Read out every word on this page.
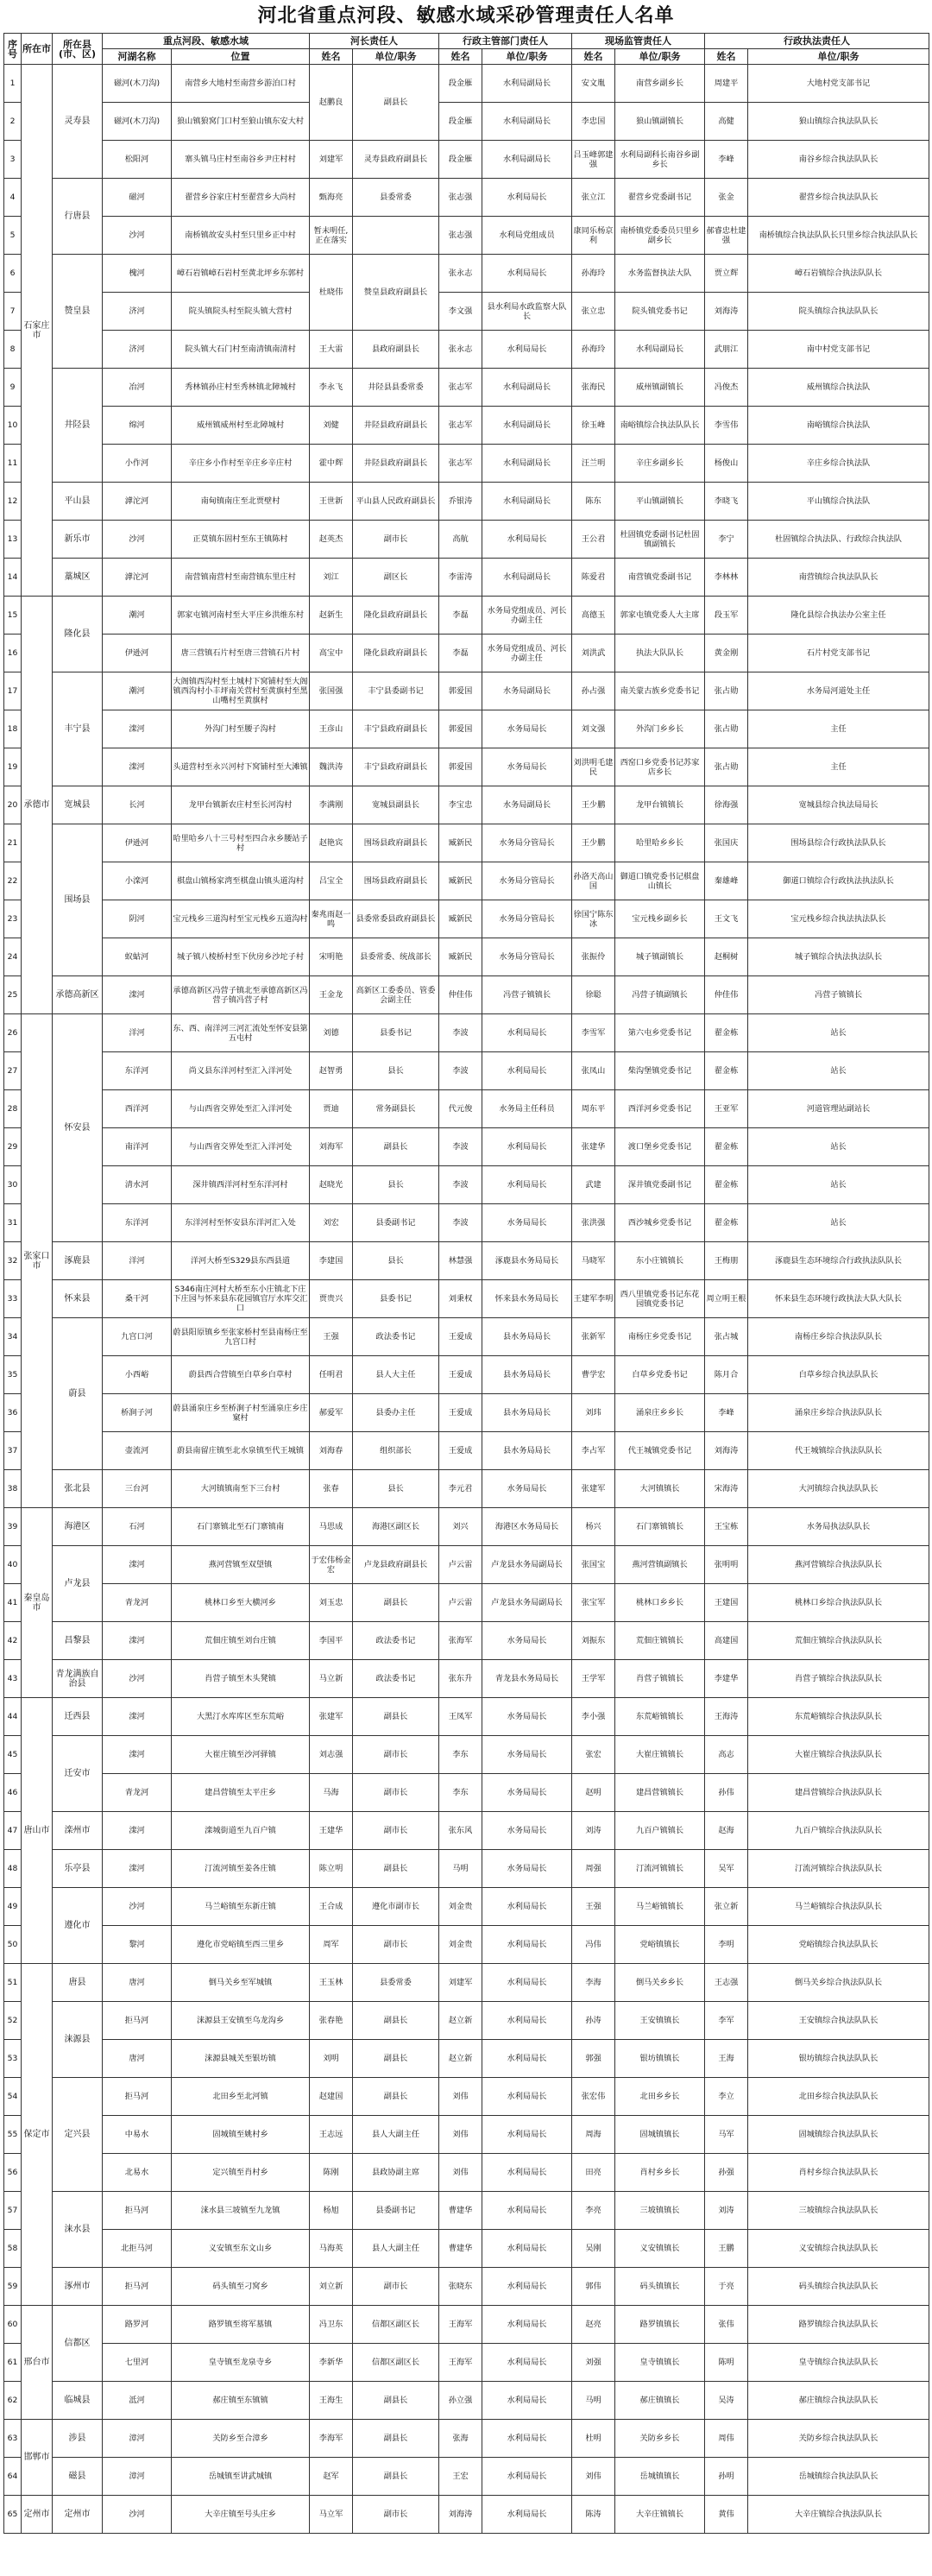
河北省重点河段、敏感水域采砂管理责任人名单
序号	所在市	所在县(市、区)	重点河段、敏感水域		河长责任人		行政主管部门责任人		现场监管责任人		行政执法责任人	
			河湖名称	位置	姓名	单位/职务	姓名	单位/职务	姓名	单位/职务	姓名	单位/职务
1	石家庄市	灵寿县	磁河(木刀沟)	南营乡大地村至南营乡游泊口村	赵鹏良	副县长	段金雁	水利局副局长	安文胤	南营乡副乡长	周建平	大地村党支部书记
2			磁河(木刀沟)	狼山镇狼窝门口村至狼山镇东安大村			段金雁	水利局副局长	李忠国	狼山镇副镇长	高健	狼山镇综合执法队队长
3			松阳河	寨头镇马庄村至南谷乡尹庄村村	刘建军	灵寿县政府副县长	段金雁	水利局副局长	吕玉峰郭建强	水利局副科长南谷乡副乡长	李峰	南谷乡综合执法队队长
4		行唐县	磁河	翟营乡谷家庄村至翟营乡大尚村	甄海亮	县委常委	张志强	水利局局长	张立江	翟营乡党委副书记	张金	翟营乡综合执法队队长
5			沙河	南桥镇故安头村至只里乡正中村	暂未明任,正在落实		张志强	水利局党组成员	康同乐杨京利	南桥镇党委委员只里乡副乡长	郝睿忠杜建强	南桥镇综合执法队队长只里乡综合执法队队长
6		赞皇县	槐河	嶂石岩镇嶂石岩村至黄北坪乡东郭村	杜晓伟	赞皇县政府副县长	张永志	水利局局长	孙海玲	水务监督执法大队	贾立辉	嶂石岩镇综合执法队队长
7			济河	院头镇院头村至院头镇大营村			李文强	县水利局水政监察大队长	张立忠	院头镇党委书记	刘海涛	院头镇综合执法队队长
8			济河	院头镇大石门村至南清镇南清村	王大雷	县政府副县长	张永志	水利局局长	孙海玲	水利局副局长	武朋江	南中村党支部书记
9		井陉县	冶河	秀林镇孙庄村至秀林镇北障城村	李永飞	井陉县县委常委	张志军	水利局副局长	张海民	威州镇副镇长	冯俊杰	威州镇综合执法队
10			绵河	威州镇威州村至北障城村	刘健	井陉县政府副县长	张志军	水利局副局长	徐玉峰	南峪镇综合执法队队长	李雪伟	南峪镇综合执法队
11			小作河	辛庄乡小作村至辛庄乡辛庄村	霍中辉	井陉县政府副县长	张志军	水利局副局长	汪兰明	辛庄乡副乡长	杨俊山	辛庄乡综合执法队
12		平山县	滹沱河	南甸镇南庄至北贾壁村	王世新	平山县人民政府副县长	乔银涛	水利局副局长	陈东	平山镇副镇长	李晓飞	平山镇综合执法队
13		新乐市	沙河	正莫镇东固村至东王镇陈村	赵英杰	副市长	高航	水利局局长	王公君	杜固镇党委副书记杜固镇副镇长	李宁	杜固镇综合执法队、行政综合执法队
14		藁城区	滹沱河	南营镇南营村至南营镇东里庄村	刘江	副区长	李雷涛	水利局副局长	陈爱君	南营镇党委副书记	李林林	南营镇综合执法队队长
15	承德市	隆化县	潮河	郭家屯镇河南村至大平庄乡洪维东村	赵新生	隆化县政府副县长	李磊	水务局党组成员、河长办副主任	高德玉	郭家屯镇党委人大主席	段玉军	隆化县综合执法办公室主任
16			伊逊河	唐三营镇石片村至唐三营镇石片村	高宝中	隆化县政府副县长	李磊	水务局党组成员、河长办副主任	刘洪武	执法大队队长	黄金刚	石片村党支部书记
17		丰宁县	潮河	大阁镇西沟村至土城村下窝铺村至大阁镇西沟村小丰坪南关营村至黄旗村至黑山嘴村至黄旗村	张国强	丰宁县委副书记	郭爱国	水务局副局长	孙占强	南关蒙古族乡党委书记	张占勋	水务局河道处主任
18			滦河	外沟门村至腰子沟村	王彦山	丰宁县政府副县长	郭爱国	水务局局长	刘文强	外沟门乡乡长	张占勋	主任
19			滦河	头道营村至永兴河村下窝铺村至大滩镇	魏洪涛	丰宁县政府副县长	郭爱国	水务局局长	刘洪明毛建民	西窑口乡党委书记苏家店乡长	张占勋	主任
20		宽城县	长河	龙甲台镇新农庄村至长河沟村	李满刚	宽城县副县长	李宝忠	水务局副局长	王少鹏	龙甲台镇镇长	徐海强	宽城县综合执法局局长
21		围场县	伊逊河	哈里哈乡八十三号村至四合永乡腰站子村	赵艳宾	围场县政府副县长	臧新民	水务局分管局长	王少鹏	哈里哈乡乡长	张国庆	围场县综合行政执法队队长
22			小滦河	棋盘山镇杨家湾至棋盘山镇头道沟村	吕宝全	围场县政府副县长	臧新民	水务局分管局长	孙洛天高山国	御道口镇党委书记棋盘山镇长	秦雄峰	御道口镇综合行政执法执法队长
23			阴河	宝元栈乡三道沟村至宝元栈乡五道沟村	秦兆雨赵一鸣	县委常委县政府副县长	臧新民	水务局分管局长	徐国宁陈东冰	宝元栈乡副乡长	王文飞	宝元栈乡综合执法执法队长
24			蚁蛄河	城子镇八棱桥村至下伙房乡沙坨子村	宋明艳	县委常委、统战部长	臧新民	水务局分管局长	张振伶	城子镇副镇长	赵桐树	城子镇综合执法执法队长
25		承德高新区	滦河	承德高新区冯营子镇北至承德高新区冯营子镇冯营子村	王金龙	高新区工委委员、管委会副主任	仲佳伟	冯营子镇镇长	徐聪	冯营子镇副镇长	仲佳伟	冯营子镇镇长
26	张家口市	怀安县	洋河	东、西、南洋河三河汇流处至怀安县第五屯村	刘德	县委书记	李波	水利局局长	李雪军	第六屯乡党委书记	翟金栋	站长
27			东洋河	尚义县东洋河村至汇入洋河处	赵智勇	县长	李波	水利局局长	张凤山	柴沟堡镇党委书记	翟金栋	站长
28			西洋河	与山西省交界处至汇入洋河处	贾迪	常务副县长	代元俊	水务局主任科员	周东平	西洋河乡党委书记	王亚军	河道管理站副站长
29			南洋河	与山西省交界处至汇入洋河处	刘海军	副县长	李波	水利局局长	张建华	渡口堡乡党委书记	翟金栋	站长
30			清水河	深井镇西洋河村至东洋河村	赵晓光	县长	李波	水利局局长	武建	深井镇党委副书记	翟金栋	站长
31			东洋河	东洋河村至怀安县东洋河汇入处	刘宏	县委副书记	李波	水务局局长	张洪强	西沙城乡党委书记	翟金栋	站长
32		涿鹿县	洋河	洋河大桥至S329县东西县道	李建国	县长	林慧强	涿鹿县水务局局长	马晓军	东小庄镇镇长	王梅朋	涿鹿县生态环境综合行政执法队队长
33		怀来县	桑干河	S346南庄河村大桥至东小庄镇北下庄下庄园与怀来县东花园镇官厅水库交汇口	贾贵兴	县委书记	刘秉权	怀来县水务局局长	王建军李明	西八里镇党委书记东花园镇党委书记	周立明王根	怀来县生态环境行政执法大队大队长
34		蔚县	九宫口河	蔚县阳原镇乡至张家桥村至县南杨庄至九宫口村	王强	政法委书记	王爱成	县水务局局长	张新军	南杨庄乡党委书记	张占城	南杨庄乡综合执法队队长
35			小西峪	蔚县西合营镇至白草乡白草村	任明君	县人大主任	王爱成	县水务局局长	曹学宏	白草乡党委书记	陈月合	白草乡综合执法队队长
36			桥涧子河	蔚县涌泉庄乡至桥涧子村至涌泉庄乡庄窠村	郝爱军	县委办主任	王爱成	县水务局局长	刘玮	涌泉庄乡乡长	李峰	涌泉庄乡综合执法队队长
37			壶流河	蔚县南留庄镇至北水泉镇至代王城镇	刘海春	组织部长	王爱成	县水务局局长	李占军	代王城镇党委书记	刘海涛	代王城镇综合执法队队长
38		张北县	三台河	大河镇镇南至下三台村	张春	县长	李元君	水务局局长	张建军	大河镇镇长	宋海涛	大河镇综合执法队队长
39	秦皇岛市	海港区	石河	石门寨镇北至石门寨镇南	马思成	海港区副区长	刘兴	海港区水务局局长	杨兴	石门寨镇镇长	王宝栋	水务局执法队队长
40		卢龙县	滦河	燕河营镇至双望镇	于宏伟杨金宏	卢龙县政府副县长	卢云雷	卢龙县水务局副局长	张国宝	燕河营镇副镇长	张明明	燕河营镇综合执法队队长
41			青龙河	桃林口乡至大横河乡	刘玉忠	副县长	卢云雷	卢龙县水务局副局长	张宝军	桃林口乡乡长	王建国	桃林口乡综合执法队队长
42		昌黎县	滦河	荒佃庄镇至刘台庄镇	李国平	政法委书记	张海军	水务局局长	刘振东	荒佃庄镇镇长	高建国	荒佃庄镇综合执法队队长
43		青龙满族自治县	沙河	肖营子镇至木头凳镇	马立新	政法委书记	张东升	青龙县水务局局长	王学军	肖营子镇镇长	李建华	肖营子镇综合执法队队长
44	唐山市	迁西县	滦河	大黑汀水库库区至东荒峪	张建军	副县长	王凤军	水务局局长	李小强	东荒峪镇镇长	王海涛	东荒峪镇综合执法队队长
45		迁安市	滦河	大崔庄镇至沙河驿镇	刘志强	副市长	李东	水务局局长	张宏	大崔庄镇镇长	高志	大崔庄镇综合执法队队长
46			青龙河	建昌营镇至太平庄乡	马海	副市长	李东	水务局局长	赵明	建昌营镇镇长	孙伟	建昌营镇综合执法队队长
47		滦州市	滦河	滦城街道至九百户镇	王建华	副市长	张东风	水务局局长	刘涛	九百户镇镇长	赵海	九百户镇综合执法队队长
48		乐亭县	滦河	汀流河镇至姜各庄镇	陈立明	副县长	马明	水务局局长	周强	汀流河镇镇长	吴军	汀流河镇综合执法队队长
49		遵化市	沙河	马兰峪镇至东新庄镇	王合成	遵化市副市长	刘金贵	水利局局长	王强	马兰峪镇镇长	张立新	马兰峪镇综合执法队队长
50			黎河	遵化市党峪镇至西三里乡	周军	副市长	刘金贵	水利局局长	冯伟	党峪镇镇长	李明	党峪镇综合执法队队长
51	保定市	唐县	唐河	倒马关乡至军城镇	王玉林	县委常委	刘建军	水利局局长	李海	倒马关乡乡长	王志强	倒马关乡综合执法队队长
52		涞源县	拒马河	涞源县王安镇至乌龙沟乡	张春艳	副县长	赵立新	水利局局长	孙涛	王安镇镇长	李军	王安镇综合执法队队长
53			唐河	涞源县城关至银坊镇	刘明	副县长	赵立新	水利局局长	郭强	银坊镇镇长	王海	银坊镇综合执法队队长
54		定兴县	拒马河	北田乡至北河镇	赵建国	副县长	刘伟	水利局局长	张宏伟	北田乡乡长	李立	北田乡综合执法队队长
55			中易水	固城镇至姚村乡	王志远	县人大副主任	刘伟	水利局局长	周海	固城镇镇长	马军	固城镇综合执法队队长
56			北易水	定兴镇至肖村乡	陈刚	县政协副主席	刘伟	水利局局长	田亮	肖村乡乡长	孙强	肖村乡综合执法队队长
57		涞水县	拒马河	涞水县三坡镇至九龙镇	杨旭	县委副书记	曹建华	水利局局长	李亮	三坡镇镇长	刘涛	三坡镇综合执法队队长
58			北拒马河	义安镇至东文山乡	马海英	县人大副主任	曹建华	水利局局长	吴刚	义安镇镇长	王鹏	义安镇综合执法队队长
59		涿州市	拒马河	码头镇至刁窝乡	刘立新	副市长	张晓东	水利局局长	郭伟	码头镇镇长	于亮	码头镇综合执法队队长
60	邢台市	信都区	路罗河	路罗镇至将军墓镇	冯卫东	信都区副区长	王海军	水利局局长	赵亮	路罗镇镇长	张伟	路罗镇综合执法队队长
61			七里河	皇寺镇至龙泉寺乡	李新华	信都区副区长	王海军	水利局局长	刘强	皇寺镇镇长	陈明	皇寺镇综合执法队队长
62		临城县	泜河	郝庄镇至东镇镇	王海生	副县长	孙立强	水利局局长	马明	郝庄镇镇长	吴涛	郝庄镇综合执法队队长
63	邯郸市	涉县	漳河	关防乡至合漳乡	李海军	副县长	张海	水利局局长	杜明	关防乡乡长	周伟	关防乡综合执法队队长
64		磁县	漳河	岳城镇至讲武城镇	赵军	副县长	王宏	水利局局长	刘伟	岳城镇镇长	孙明	岳城镇综合执法队队长
65	定州市	定州市	沙河	大辛庄镇至号头庄乡	马立军	副市长	刘海涛	水利局局长	陈涛	大辛庄镇镇长	黄伟	大辛庄镇综合执法队队长
